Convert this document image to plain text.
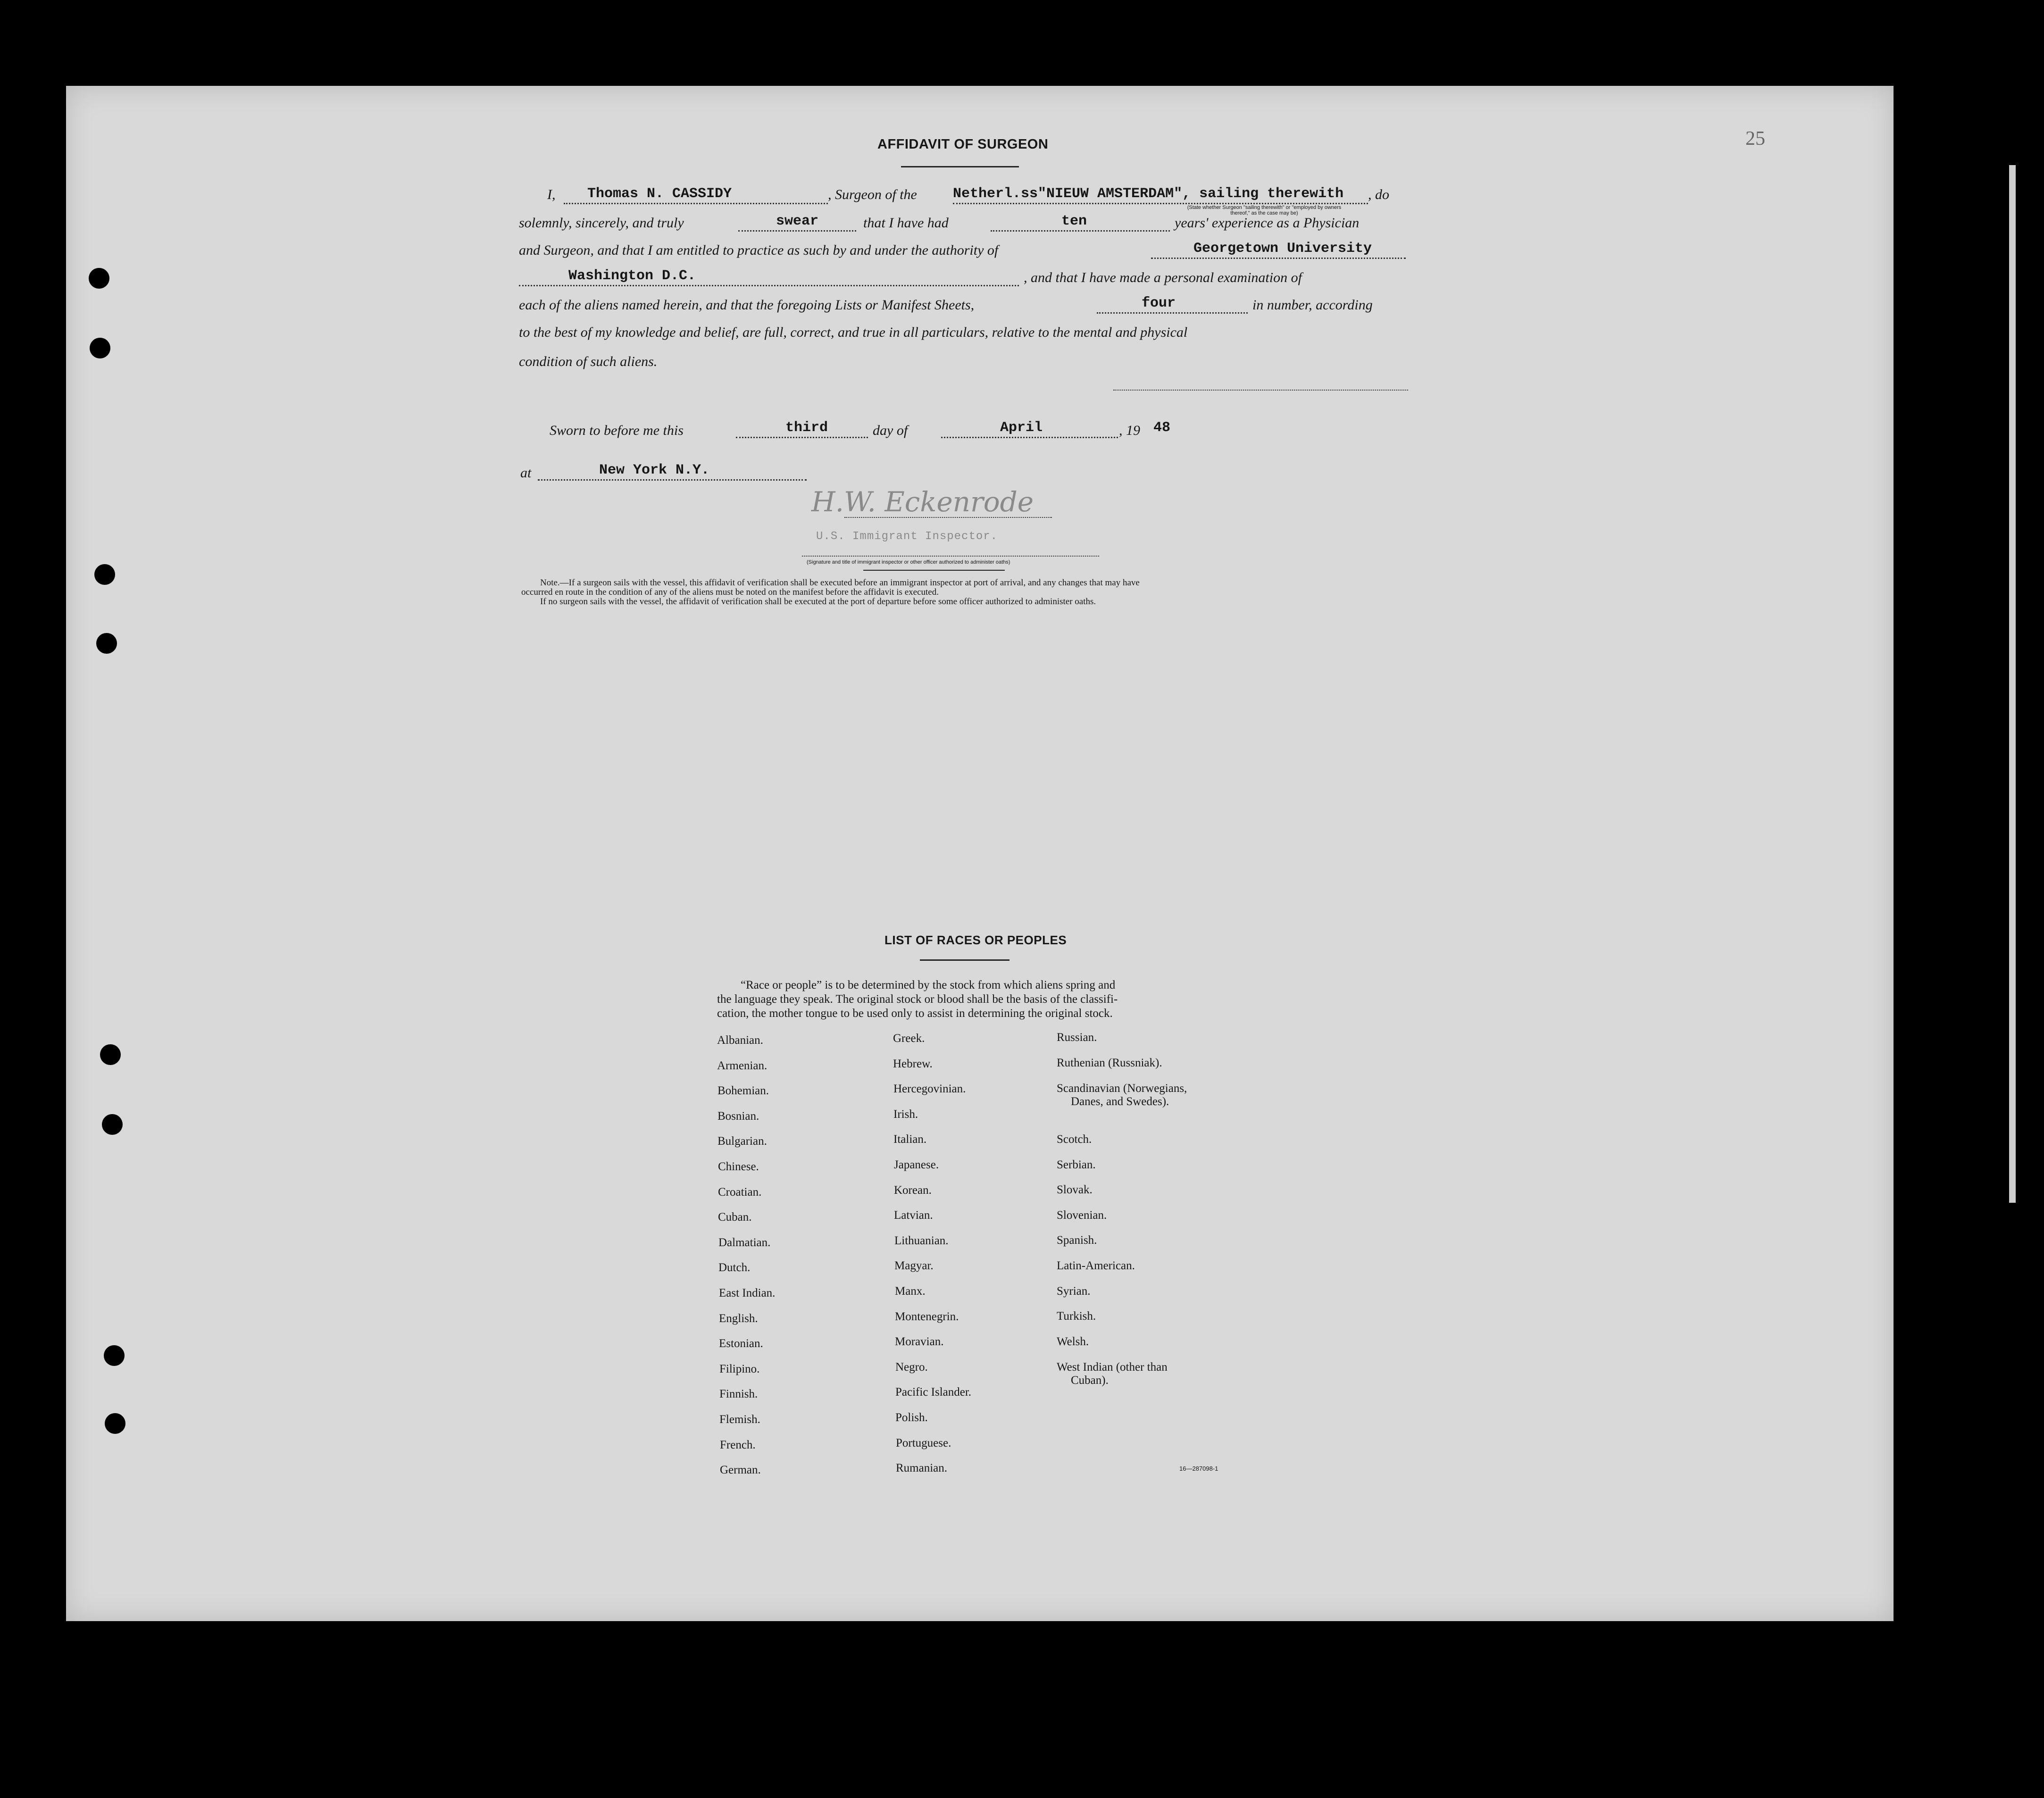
25
AFFIDAVIT OF SURGEON
I, Thomas N. CASSIDY	, Surgeon of the	Netherl.ss"NIEUW AMSTERDAM", sailing therewith , do
(State whether Surgeon "sailing therewith" or "employed by owners thereof," as the case may be)
solemnly, sincerely, and truly	swear	that I have had	ten	years' experience as a Physician
and Surgeon, and that I am entitled to practice as such by and under the authority of	Georgetown University
Washington D.C.	, and that I have made a personal examination of
each of the aliens named herein, and that the foregoing Lists or Manifest Sheets,	four	in number, according
to the best of my knowledge and belief, are full, correct, and true in all particulars, relative to the mental and physical
condition of such aliens.
Sworn to before me this	third	day of	April	, 19 48
at	New York N.Y.
H.W. Eckenrode
U.S. Immigrant Inspector.
(Signature and title of immigrant inspector or other officer authorized to administer oaths)
Note.—If a surgeon sails with the vessel, this affidavit of verification shall be executed before an immigrant inspector at port of arrival, and any changes that may have
occurred en route in the condition of any of the aliens must be noted on the manifest before the affidavit is executed.
If no surgeon sails with the vessel, the affidavit of verification shall be executed at the port of departure before some officer authorized to administer oaths.
LIST OF RACES OR PEOPLES
“Race or people” is to be determined by the stock from which aliens spring and
the language they speak. The original stock or blood shall be the basis of the classifi-
cation, the mother tongue to be used only to assist in determining the original stock.
Albanian.
Armenian.
Bohemian.
Bosnian.
Bulgarian.
Chinese.
Croatian.
Cuban.
Dalmatian.
Dutch.
East Indian.
English.
Estonian.
Filipino.
Finnish.
Flemish.
French.
German.
Greek.
Hebrew.
Hercegovinian.
Irish.
Italian.
Japanese.
Korean.
Latvian.
Lithuanian.
Magyar.
Manx.
Montenegrin.
Moravian.
Negro.
Pacific Islander.
Polish.
Portuguese.
Rumanian.
Russian.
Ruthenian (Russniak).
Scandinavian (Norwegians,
Danes, and Swedes).
Scotch.
Serbian.
Slovak.
Slovenian.
Spanish.
Latin-American.
Syrian.
Turkish.
Welsh.
West Indian (other than
Cuban).
16—287098-1
